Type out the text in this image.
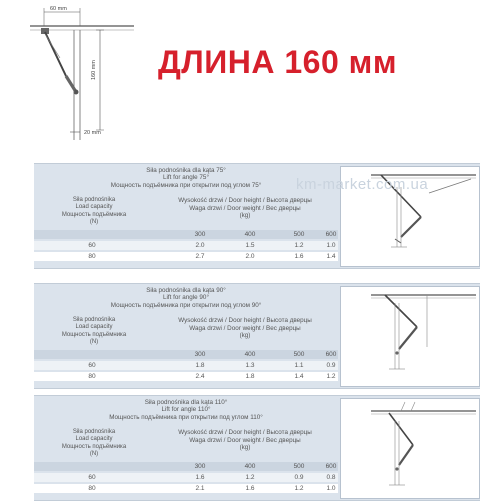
60 mm
160 mm
20 mm
ДЛИНА 160 мм
Siła podnośnika dla kąta 75°
Lift for angle 75°
Мощность подъёмника при открытии под углом 75°
Siła podnośnika
Load capacity
Мощность подъёмника
(N)
Wysokość drzwi / Door height / Высота дверцы
Waga drzwi / Door weight / Вес дверцы
(kg)
300	400	500	600
60	2.0	1.5	1.2	1.0
80	2.7	2.0	1.6	1.4
km-market.com.ua
Siła podnośnika dla kąta 90°
Lift for angle 90°
Мощность подъёмника при открытии под углом 90°
Siła podnośnika
Load capacity
Мощность подъёмника
(N)
Wysokość drzwi / Door height / Высота дверцы
Waga drzwi / Door weight / Вес дверцы
(kg)
300	400	500	600
60	1.8	1.3	1.1	0.9
80	2.4	1.8	1.4	1.2
Siła podnośnika dla kąta 110°
Lift for angle 110°
Мощность подъёмника при открытии под углом 110°
Siła podnośnika
Load capacity
Мощность подъёмника
(N)
Wysokość drzwi / Door height / Высота дверцы
Waga drzwi / Door weight / Вес дверцы
(kg)
300	400	500	600
60	1.6	1.2	0.9	0.8
80	2.1	1.6	1.2	1.0
